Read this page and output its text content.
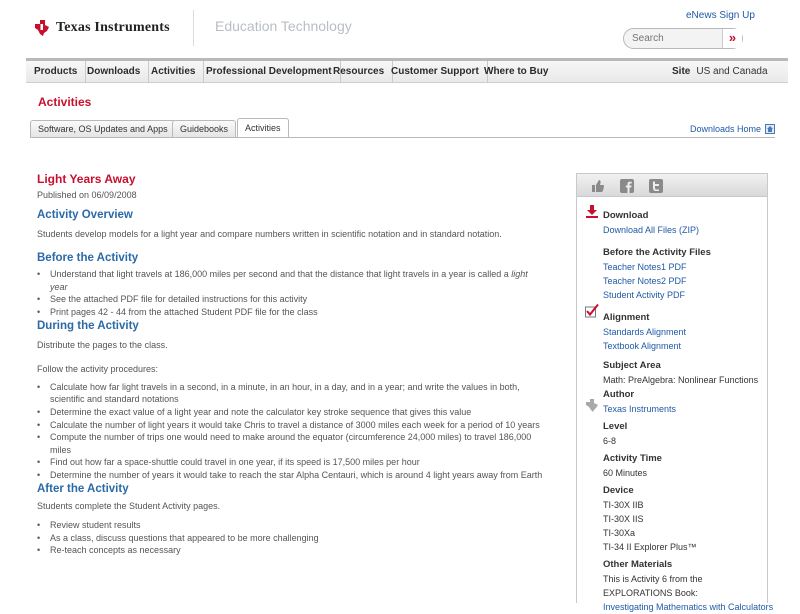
Texas Instruments	Education Technology
eNews Sign Up
Search
»
Products Downloads	Activities	Professional Development Resources Customer Support Where to Buy	Site US and Canada
Activities
Software, OS Updates and Apps	Guidebooks	Activities	Downloads Home
Light Years Away
Published on 06/09/2008
Activity Overview

Students develop models for a light year and compare numbers written in scientific notation and in standard notation.

Before the Activity
• Understand that light travels at 186,000 miles per second and that the distance that light travels in a year is called a light year
• See the attached PDF file for detailed instructions for this activity
• Print pages 42 - 44 from the attached Student PDF file for the class
During the Activity

Distribute the pages to the class.

Follow the activity procedures:

• Calculate how far light travels in a second, in a minute, in an hour, in a day, and in a year; and write the values in both, scientific and standard notations
• Determine the exact value of a light year and note the calculator key stroke sequence that gives this value
• Calculate the number of light years it would take Chris to travel a distance of 3000 miles each week for a period of 10 years
• Compute the number of trips one would need to make around the equator (circumference 24,000 miles) to travel 186,000 miles
• Find out how far a space-shuttle could travel in one year, if its speed is 17,500 miles per hour
• Determine the number of years it would take to reach the star Alpha Centauri, which is around 4 light years away from Earth
After the Activity

Students complete the Student Activity pages.

• Review student results
• As a class, discuss questions that appeared to be more challenging
• Re-teach concepts as necessary
Download
Download All Files (ZIP)
Before the Activity Files
Teacher Notes1 PDF
Teacher Notes2 PDF
Student Activity PDF
Alignment
Standards Alignment
Textbook Alignment
Subject Area
Math: PreAlgebra: Nonlinear Functions
Author
Texas Instruments
Level
6-8
Activity Time
60 Minutes
Device
TI-30X IIB
TI-30X IIS
TI-30Xa
TI-34 II Explorer Plus™
Other Materials
This is Activity 6 from the EXPLORATIONS Book:
Investigating Mathematics with Calculators
